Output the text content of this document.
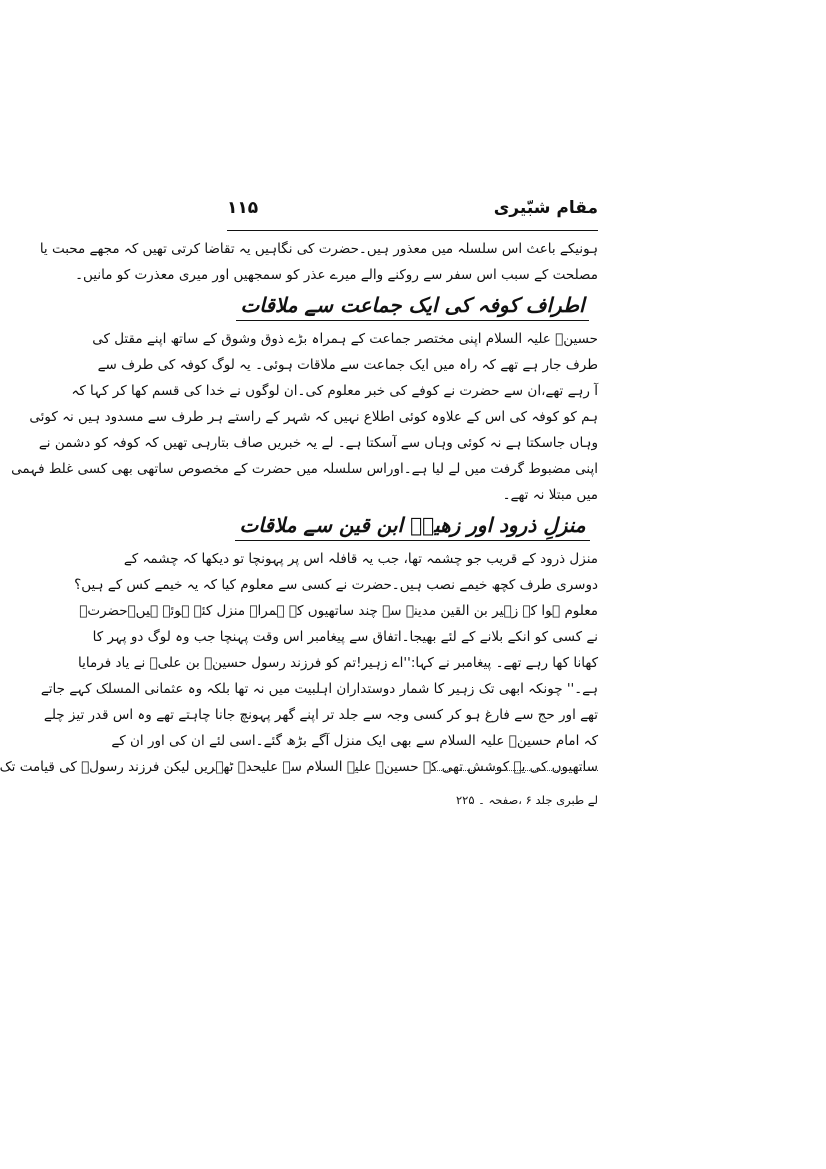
مقام شبّیری
۱۱۵
ہونیکے باعث اس سلسلہ میں معذور ہیں۔حضرت کی نگاہیں یہ تقاضا کرتی تھیں کہ مجھے محبت یا
مصلحت کے سبب اس سفر سے روکنے والے میرے عذر کو سمجھیں اور میری معذرت کو مانیں۔
اطراف کوفہ کی ایک جماعت سے ملاقات
حسینؑ علیہ السلام اپنی مختصر جماعت کے ہمراہ بڑے ذوق وشوق کے ساتھ اپنے مقتل کی
طرف جار ہے تھے کہ راہ میں ایک جماعت سے ملاقات ہوئی۔ یہ لوگ کوفہ کی طرف سے
آ رہے تھے،ان سے حضرت نے کوفے کی خبر معلوم کی۔ان لوگوں نے خدا کی قسم کھا کر کہا کہ
ہم کو کوفہ کی اس کے علاوہ کوئی اطلاع نہیں کہ شہر کے راستے ہر طرف سے مسدود ہیں نہ کوئی
وہاں جاسکتا ہے نہ کوئی وہاں سے آسکتا ہے۔ لے یہ خبریں صاف بتارہی تھیں کہ کوفہ کو دشمن نے
اپنی مضبوط گرفت میں لے لیا ہے۔اوراس سلسلہ میں حضرت کے مخصوص ساتھی بھی کسی غلط فہمی
میں مبتلا نہ تھے۔
منزلِ ذرود اور زھیرؓ ابن قین سے ملاقات
منزل ذرود کے قریب جو چشمہ تھا، جب یہ قافلہ اس پر پہونچا تو دیکھا کہ چشمہ کے
دوسری طرف کچھ خیمے نصب ہیں۔حضرت نے کسی سے معلوم کیا کہ یہ خیمے کس کے ہیں؟
معلوم ہوا کہ زہیر بن القین مدینہ سے چند ساتھیوں کے ہمراہ منزل کئے ہوئے ہیں۔حضرتؑ
نے کسی کو انکے بلانے کے لئے بھیجا۔اتفاق سے پیغامبر اس وقت پہنچا جب وہ لوگ دو پہر کا
کھانا کھا رہے تھے۔ پیغامبر نے کہا:''اے زہیر!تم کو فرزند رسول حسینؑ بن علیؑ نے یاد فرمایا
ہے۔'' چونکہ ابھی تک زہیر کا شمار دوستداران اہلبیت میں نہ تھا بلکہ وہ عثمانی المسلک کہے جاتے
تھے اور حج سے فارغ ہو کر کسی وجہ سے جلد تر اپنے گھر پہونچ جانا چاہتے تھے وہ اس قدر تیز چلے
کہ امام حسینؑ علیہ السلام سے بھی ایک منزل آگے بڑھ گئے۔اسی لئے ان کی اور ان کے
ساتھیوں کی یہ کوشش تھی کہ حسینؑ علیہ السلام سے علیحدہ ٹھہریں لیکن فرزند رسولؐ کی قیامت تک
لے طبری جلد ۶ ،صفحہ ۔ ۲۲۵
